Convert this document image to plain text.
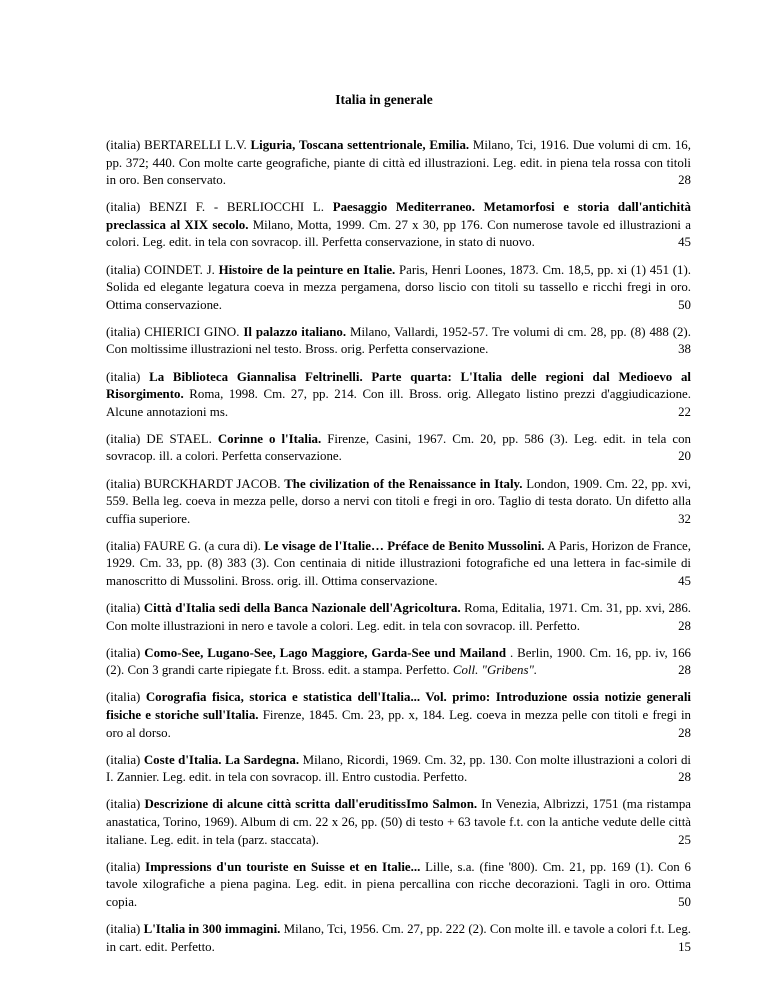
Italia in generale

(italia) BERTARELLI L.V. Liguria, Toscana settentrionale, Emilia. Milano, Tci, 1916. Due volumi di cm. 16, pp. 372; 440. Con molte carte geografiche, piante di città ed illustrazioni. Leg. edit. in piena tela rossa con titoli in oro. Ben conservato.	28

(italia) BENZI F. - BERLIOCCHI L. Paesaggio Mediterraneo. Metamorfosi e storia dall'antichità preclassica al XIX secolo. Milano, Motta, 1999. Cm. 27 x 30, pp 176. Con numerose tavole ed illustrazioni a colori. Leg. edit. in tela con sovracop. ill. Perfetta conservazione, in stato di nuovo.	45

(italia) COINDET. J. Histoire de la peinture en Italie. Paris, Henri Loones, 1873. Cm. 18,5, pp. xi (1) 451 (1). Solida ed elegante legatura coeva in mezza pergamena, dorso liscio con titoli su tassello e ricchi fregi in oro. Ottima conservazione.	50

(italia) CHIERICI GINO. Il palazzo italiano. Milano, Vallardi, 1952-57. Tre volumi di cm. 28, pp. (8) 488 (2). Con moltissime illustrazioni nel testo. Bross. orig. Perfetta conservazione.	38

(italia) La Biblioteca Giannalisa Feltrinelli. Parte quarta: L'Italia delle regioni dal Medioevo al Risorgimento. Roma, 1998. Cm. 27, pp. 214. Con ill. Bross. orig. Allegato listino prezzi d'aggiudicazione. Alcune annotazioni ms.	22

(italia) DE STAEL. Corinne o l'Italia. Firenze, Casini, 1967. Cm. 20, pp. 586 (3). Leg. edit. in tela con sovracop. ill. a colori. Perfetta conservazione.	20

(italia) BURCKHARDT JACOB. The civilization of the Renaissance in Italy. London, 1909. Cm. 22, pp. xvi, 559. Bella leg. coeva in mezza pelle, dorso a nervi con titoli e fregi in oro. Taglio di testa dorato. Un difetto alla cuffia superiore.	32

(italia) FAURE G. (a cura di). Le visage de l'Italie… Préface de Benito Mussolini. A Paris, Horizon de France, 1929. Cm. 33, pp. (8) 383 (3). Con centinaia di nitide illustrazioni fotografiche ed una lettera in fac-simile di manoscritto di Mussolini. Bross. orig. ill. Ottima conservazione.	45

(italia) Città d'Italia sedi della Banca Nazionale dell'Agricoltura. Roma, Editalia, 1971. Cm. 31, pp. xvi, 286. Con molte illustrazioni in nero e tavole a colori. Leg. edit. in tela con sovracop. ill. Perfetto.	28

(italia) Como-See, Lugano-See, Lago Maggiore, Garda-See und Mailand . Berlin, 1900. Cm. 16, pp. iv, 166 (2). Con 3 grandi carte ripiegate f.t. Bross. edit. a stampa. Perfetto. Coll. "Gribens".	28

(italia) Corografia fisica, storica e statistica dell'Italia... Vol. primo: Introduzione ossia notizie generali fisiche e storiche sull'Italia. Firenze, 1845. Cm. 23, pp. x, 184. Leg. coeva in mezza pelle con titoli e fregi in oro al dorso.	28

(italia) Coste d'Italia. La Sardegna. Milano, Ricordi, 1969. Cm. 32, pp. 130. Con molte illustrazioni a colori di I. Zannier. Leg. edit. in tela con sovracop. ill. Entro custodia. Perfetto.	28

(italia) Descrizione di alcune città scritta dall'eruditissImo Salmon. In Venezia, Albrizzi, 1751 (ma ristampa anastatica, Torino, 1969). Album di cm. 22 x 26, pp. (50) di testo + 63 tavole f.t. con la antiche vedute delle città italiane. Leg. edit. in tela (parz. staccata).	25

(italia) Impressions d'un touriste en Suisse et en Italie... Lille, s.a. (fine '800). Cm. 21, pp. 169 (1). Con 6 tavole xilografiche a piena pagina. Leg. edit. in piena percallina con ricche decorazioni. Tagli in oro. Ottima copia.	50

(italia) L'Italia in 300 immagini. Milano, Tci, 1956. Cm. 27, pp. 222 (2). Con molte ill. e tavole a colori f.t. Leg. in cart. edit. Perfetto.	15
